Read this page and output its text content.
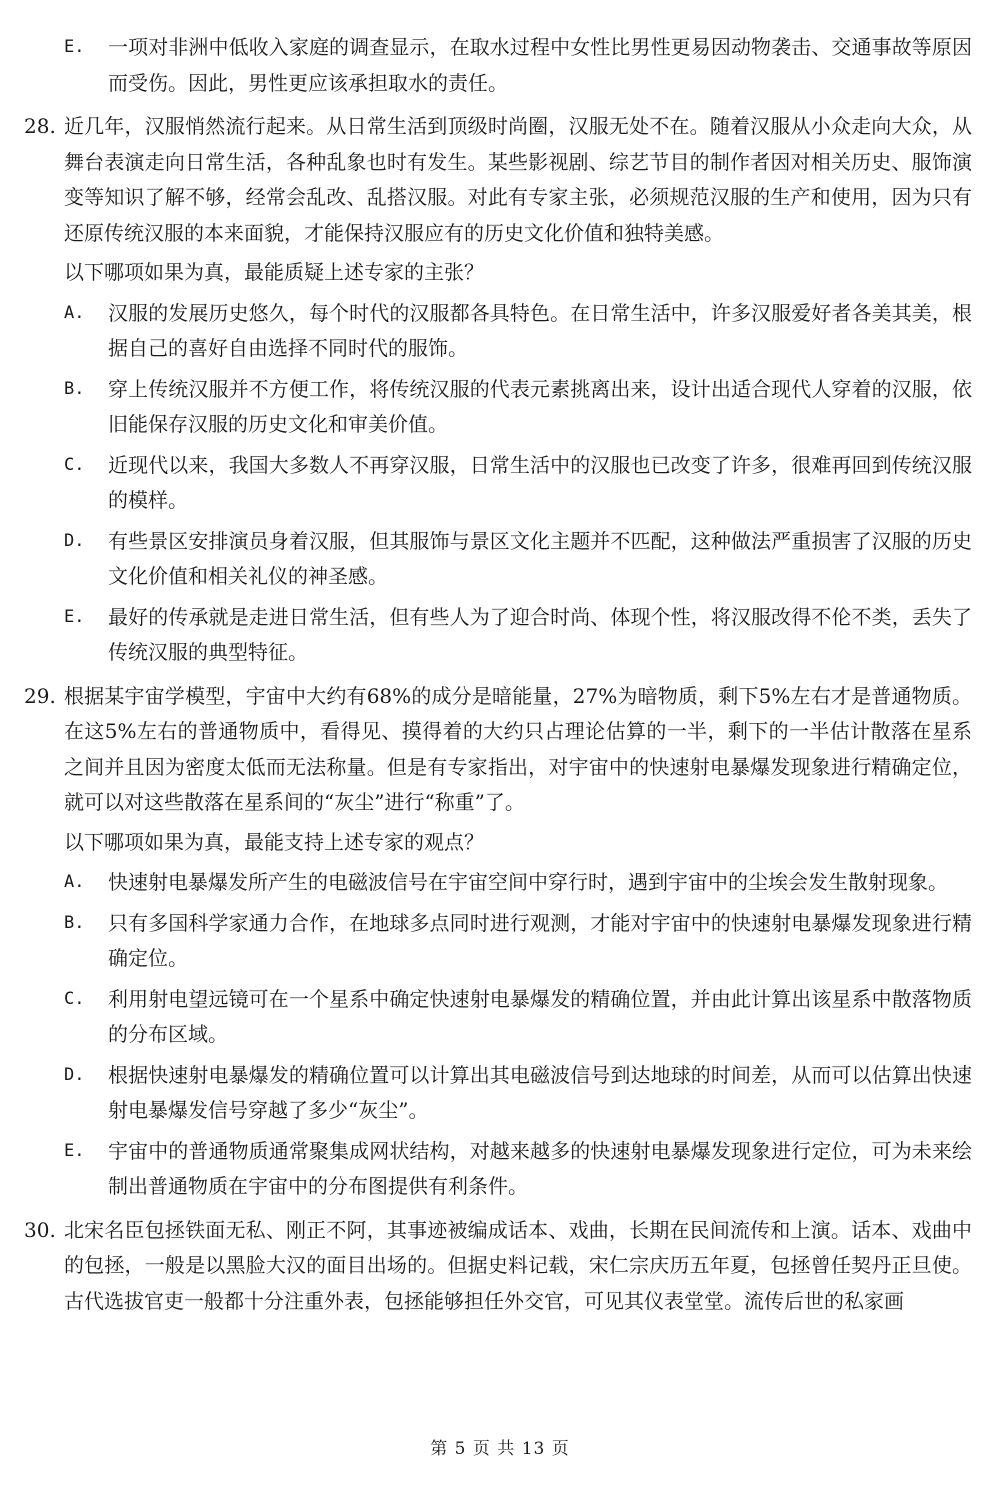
E. 一项对非洲中低收入家庭的调查显示，在取水过程中女性比男性更易因动物袭击、交通事故等原因而受伤。因此，男性更应该承担取水的责任。
28. 近几年，汉服悄然流行起来。从日常生活到顶级时尚圈，汉服无处不在。随着汉服从小众走向大众，从舞台表演走向日常生活，各种乱象也时有发生。某些影视剧、综艺节目的制作者因对相关历史、服饰演变等知识了解不够，经常会乱改、乱搭汉服。对此有专家主张，必须规范汉服的生产和使用，因为只有还原传统汉服的本来面貌，才能保持汉服应有的历史文化价值和独特美感。
以下哪项如果为真，最能质疑上述专家的主张？
A. 汉服的发展历史悠久，每个时代的汉服都各具特色。在日常生活中，许多汉服爱好者各美其美，根据自己的喜好自由选择不同时代的服饰。
B. 穿上传统汉服并不方便工作，将传统汉服的代表元素挑离出来，设计出适合现代人穿着的汉服，依旧能保存汉服的历史文化和审美价值。
C. 近现代以来，我国大多数人不再穿汉服，日常生活中的汉服也已改变了许多，很难再回到传统汉服的模样。
D. 有些景区安排演员身着汉服，但其服饰与景区文化主题并不匹配，这种做法严重损害了汉服的历史文化价值和相关礼仪的神圣感。
E. 最好的传承就是走进日常生活，但有些人为了迎合时尚、体现个性，将汉服改得不伦不类，丢失了传统汉服的典型特征。
29. 根据某宇宙学模型，宇宙中大约有68%的成分是暗能量，27%为暗物质，剩下5%左右才是普通物质。在这5%左右的普通物质中，看得见、摸得着的大约只占理论估算的一半，剩下的一半估计散落在星系之间并且因为密度太低而无法称量。但是有专家指出，对宇宙中的快速射电暴爆发现象进行精确定位，就可以对这些散落在星系间的“灰尘”进行“称重”了。
以下哪项如果为真，最能支持上述专家的观点？
A. 快速射电暴爆发所产生的电磁波信号在宇宙空间中穿行时，遇到宇宙中的尘埃会发生散射现象。
B. 只有多国科学家通力合作，在地球多点同时进行观测，才能对宇宙中的快速射电暴爆发现象进行精确定位。
C. 利用射电望远镜可在一个星系中确定快速射电暴爆发的精确位置，并由此计算出该星系中散落物质的分布区域。
D. 根据快速射电暴爆发的精确位置可以计算出其电磁波信号到达地球的时间差，从而可以估算出快速射电暴爆发信号穿越了多少“灰尘”。
E. 宇宙中的普通物质通常聚集成网状结构，对越来越多的快速射电暴爆发现象进行定位，可为未来绘制出普通物质在宇宙中的分布图提供有利条件。
30. 北宋名臣包拯铁面无私、刚正不阿，其事迹被编成话本、戏曲，长期在民间流传和上演。话本、戏曲中的包拯，一般是以黑脸大汉的面目出场的。但据史料记载，宋仁宗庆历五年夏，包拯曾任契丹正旦使。古代选拔官吏一般都十分注重外表，包拯能够担任外交官，可见其仪表堂堂。流传后世的私家画
第 5 页 共 13 页
